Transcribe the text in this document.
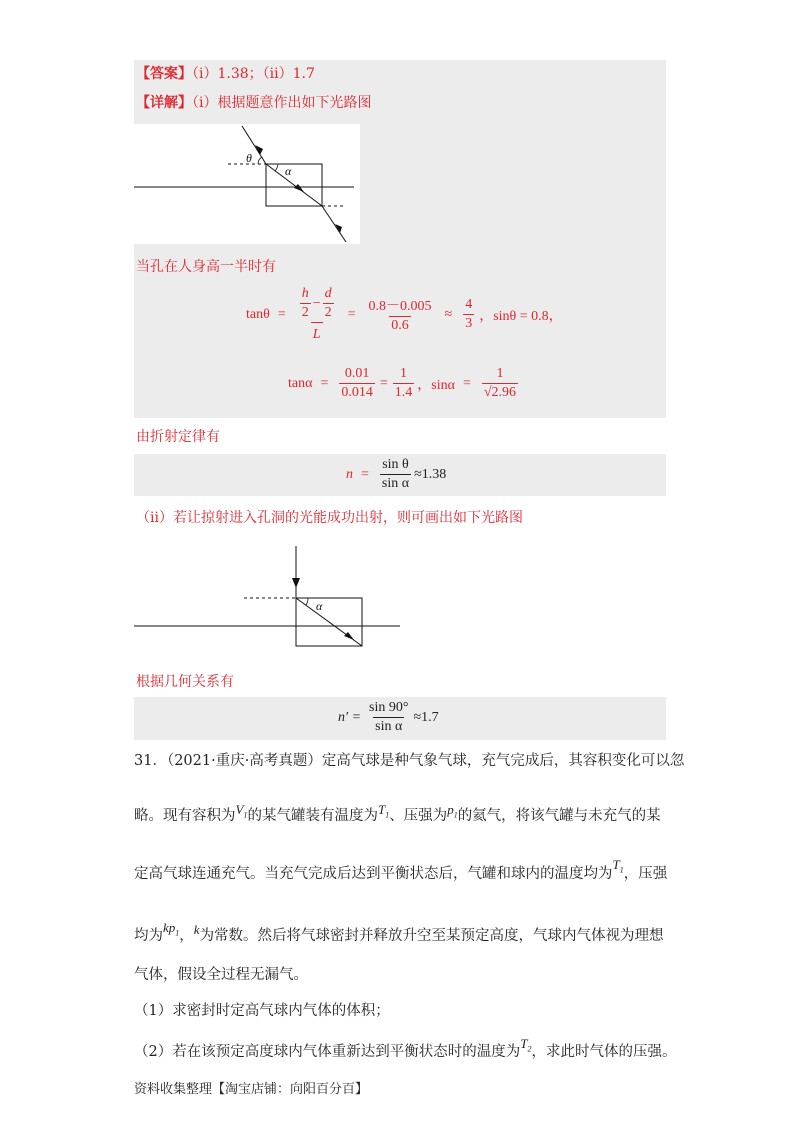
【答案】（i）1.38；（ii）1.7
【详解】（i）根据题意作出如下光路图
θ
α
当孔在人身高一半时有
$\tan\theta = \frac{\frac{h}{2} - \frac{d}{2}}{L} = \frac{0.8-0.005}{0.6} \approx \frac{4}{3}$ ，sinθ = 0.8，
$\tan\alpha = \frac{0.01}{0.014} = \frac{1}{1.4}$ ，$\sin\alpha = \frac{1}{√2.96}$
由折射定律有
$n = \frac{\text{sin θ}}{\text{sin α}} \approx 1.38$
（ii）若让掠射进入孔洞的光能成功出射，则可画出如下光路图
α
根据几何关系有
$n' = \frac{\sin 90^\circ}{\text{sin α}} \approx 1.7$
31．（2021·重庆·高考真题）定高气球是种气象气球，充气完成后，其容积变化可以忽
略。现有容积为$V_1$的某气罐装有温度为$T_1$、压强为$p_1$的氦气，将该气罐与未充气的某
定高气球连通充气。当充气完成后达到平衡状态后，气罐和球内的温度均为$T_1$，压强
均为$kp_1$，k为常数。然后将气球密封并释放升空至某预定高度，气球内气体视为理想
气体，假设全过程无漏气。
（1）求密封时定高气球内气体的体积；
（2）若在该预定高度球内气体重新达到平衡状态时的温度为$T_2$，求此时气体的压强。
资料收集整理【淘宝店铺：向阳百分百】
